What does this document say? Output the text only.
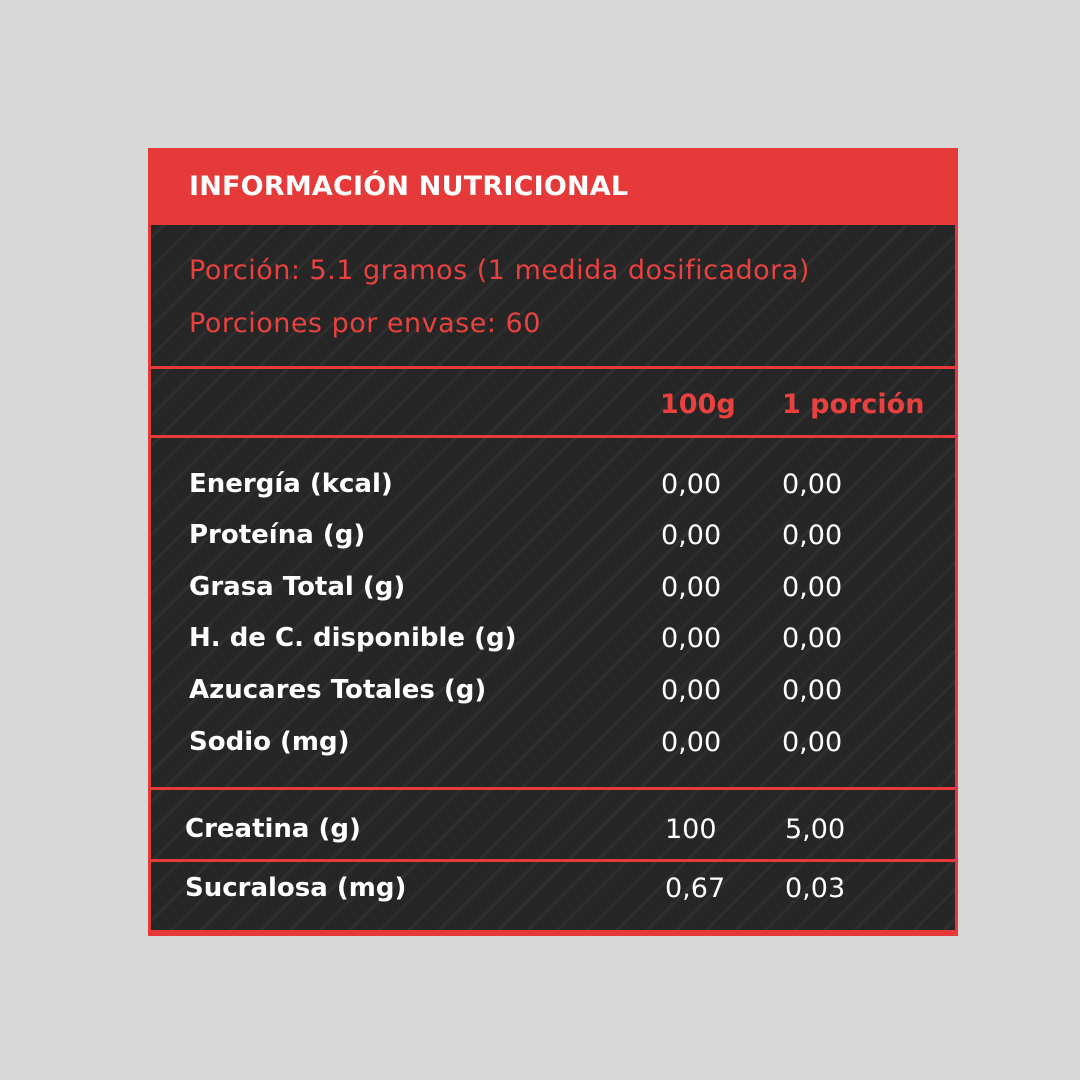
INFORMACIÓN NUTRICIONAL
Porción: 5.1 gramos (1 medida dosificadora)
Porciones por envase: 60
100g 1 porción
Energía (kcal)	0,00 0,00
Proteína (g)	0,00 0,00
Grasa Total (g)	0,00 0,00
H. de C. disponible (g)	0,00 0,00
Azucares Totales (g)	0,00 0,00
Sodio (mg)	0,00 0,00
Creatina (g)	100	5,00
Sucralosa (mg)	0,67 0,03
